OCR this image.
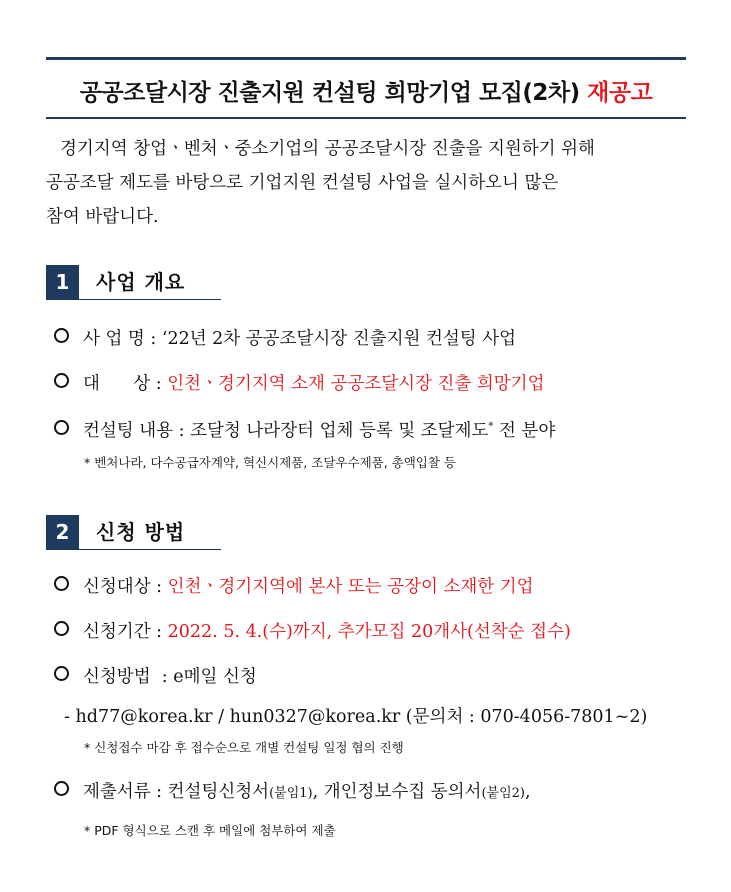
공공조달시장 진출지원 컨설팅 희망기업 모집(2차) 재공고
경기지역 창업ㆍ벤처ㆍ중소기업의 공공조달시장 진출을 지원하기 위해
공공조달 제도를 바탕으로 기업지원 컨설팅 사업을 실시하오니 많은
참여 바랍니다.
1	사업 개요
사 업 명 : ‘22년 2차 공공조달시장 진출지원 컨설팅 사업
대      상 : 인천ㆍ경기지역 소재 공공조달시장 진출 희망기업
컨설팅 내용 : 조달청 나라장터 업체 등록 및 조달제도* 전 분야
* 벤처나라, 다수공급자계약, 혁신시제품, 조달우수제품, 총액입찰 등
2	신청 방법
신청대상 : 인천ㆍ경기지역에 본사 또는 공장이 소재한 기업
신청기간 : 2022. 5. 4.(수)까지, 추가모집 20개사(선착순 접수)
신청방법  : e메일 신청
- hd77@korea.kr / hun0327@korea.kr (문의처 : 070-4056-7801~2)
* 신청접수 마감 후 접수순으로 개별 컨설팅 일정 협의 진행
제출서류 : 컨설팅신청서(붙임1), 개인정보수집 동의서(붙임2),
* PDF 형식으로 스캔 후 메일에 첨부하여 제출
